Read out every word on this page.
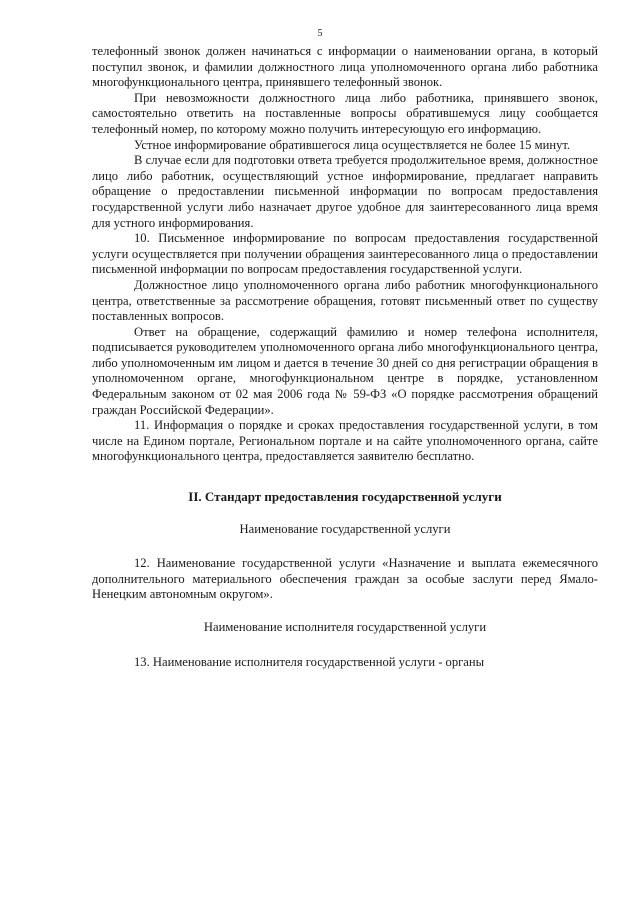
5

телефонный звонок должен начинаться с информации о наименовании органа, в который поступил звонок, и фамилии должностного лица уполномоченного органа либо работника многофункционального центра, принявшего телефонный звонок.

При невозможности должностного лица либо работника, принявшего звонок, самостоятельно ответить на поставленные вопросы обратившемуся лицу сообщается телефонный номер, по которому можно получить интересующую его информацию.

Устное информирование обратившегося лица осуществляется не более 15 минут.

В случае если для подготовки ответа требуется продолжительное время, должностное лицо либо работник, осуществляющий устное информирование, предлагает направить обращение о предоставлении письменной информации по вопросам предоставления государственной услуги либо назначает другое удобное для заинтересованного лица время для устного информирования.

10. Письменное информирование по вопросам предоставления государственной услуги осуществляется при получении обращения заинтересованного лица о предоставлении письменной информации по вопросам предоставления государственной услуги.

Должностное лицо уполномоченного органа либо работник многофункционального центра, ответственные за рассмотрение обращения, готовят письменный ответ по существу поставленных вопросов.

Ответ на обращение, содержащий фамилию и номер телефона исполнителя, подписывается руководителем уполномоченного органа либо многофункционального центра, либо уполномоченным им лицом и дается в течение 30 дней со дня регистрации обращения в уполномоченном органе, многофункциональном центре в порядке, установленном Федеральным законом от 02 мая 2006 года № 59-ФЗ «О порядке рассмотрения обращений граждан Российской Федерации».

11. Информация о порядке и сроках предоставления государственной услуги, в том числе на Едином портале, Региональном портале и на сайте уполномоченного органа, сайте многофункционального центра, предоставляется заявителю бесплатно.

II. Стандарт предоставления государственной услуги
Наименование государственной услуги

12. Наименование государственной услуги «Назначение и выплата ежемесячного дополнительного материального обеспечения граждан за особые заслуги перед Ямало-Ненецким автономным округом».

Наименование исполнителя государственной услуги

13. Наименование исполнителя государственной услуги - органы
